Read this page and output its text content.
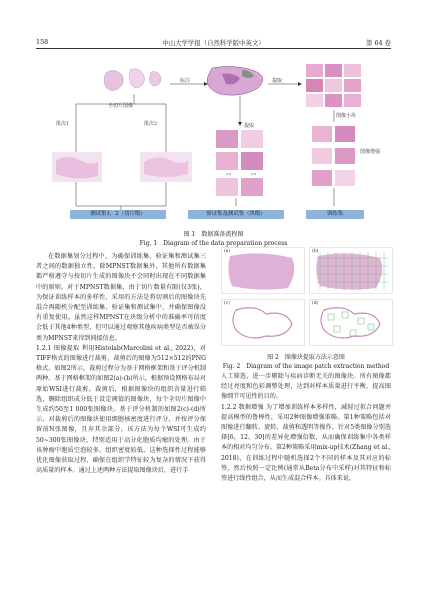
158	中山大学学报（自然科学版中英文）	第 64 卷
全切片图像
批次1	批次2
标注	提取
提取
图像小块
图像增强
测试集1，2（切片级）	验证集及测试集（块级）	训练集
图 1　数据准备流程图
Fig. 1　Diagram of the data preparation process
(a)	(b)
(c)	(d)
图 2　图像块提取方法示意图
Fig. 2　Diagram of the image patch extraction method

在数据集划分过程中，为确保训练集、验证集和测试集三者之间的数据独立性，除MPNST数据集外，其他所有数据集都严格遵守与按切片生成的图像块不会同时出现在不同数据集中的原则。对于MPNST数据集，由于切片数量有限(仅3张)，为保证训练样本的多样性，采用的方法是将切割后的图像块先混合再随机分配至训练集、验证集和测试集中，并确保图像没有重复使用。虽然这样MPNST在块级分析中的准确率可信度会低于其他4种类型，但可以通过观察其他疾病类型是否被误分类为MPNST来得到间接信息。

1.2.1 图像提取 利用Histolab(Marcolini et al., 2022)，对TIFF格式的图像进行裁剪，裁剪后的图像为512×512的PNG格式。如图2所示，裁剪过程分为基于网格框架和基于评分机制两种。基于网格框架的如图2(a)-(b)所示，根据预设网格布局对原始WSI进行裁剪。裁剪后，根据图像块的组织含量进行筛选，删除组织成分低于设定阈值的图像块，每个全切片图像中生成约50至1 000张图像块。基于评分机制的如图2(c)-(d)所示，对裁剪后的图像块使用细胞核密度进行评分，并按评分保留前N张图像，且弃其余部分，该方法为每个WSI可生成约50~300张图像块，特别适用于高分化胞质均瘤的处理。由于该肿瘤中胞质空泡较多，组织密度较低，这种选择性过程能够优化图像获取过程，确保在组织学特征较为复杂的情况下获得高质量的样本。通过上述两种方法提取图像块后，进行手

人工筛选，进一步剔除与疾病诊断无关的图像块。所有图像都经过亮度和色彩调整处理，达到对样本质量进行平衡，提高图像细节可见性的目的。

1.2.2 数据增强 为了增加训练样本多样性，减轻过拟合问题并提高模型的鲁棒性，采用2种图像增强策略。第1种策略包括对图像进行翻转、旋转、裁剪和透明等操作。针对5类图像分别选择[6，12，30]的差异化增强倍数，从而确保训练集中各类样本的相对均匀分布。第2种策略采用mix-up技术(Zhang et al., 2018)，在训练过程中随机选择2个不同的样本及其对应的标签，然后按照一定比例(通常从Beta分布中采样)对其特征和标签进行线性组合，从而生成混合样本。具体来说，
